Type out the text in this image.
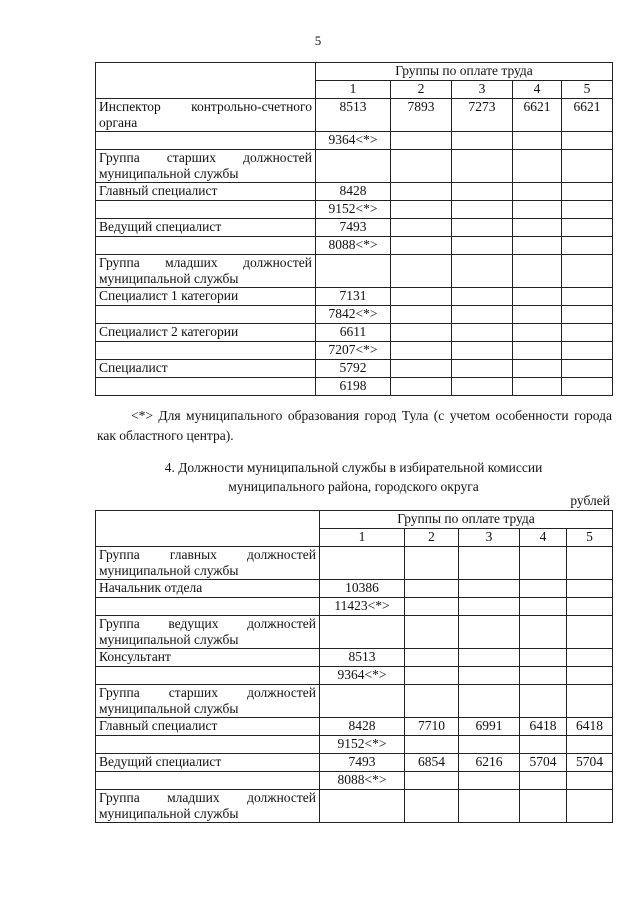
5
	Группы по оплате труда				
	1	2	3	4	5
Инспектор контрольно-счетного органа	8513	7893	7273	6621	6621
	9364<*>				
Группа старших должностей муниципальной службы					
Главный специалист	8428				
	9152<*>				
Ведущий специалист	7493				
	8088<*>				
Группа младших должностей муниципальной службы					
Специалист 1 категории	7131				
	7842<*>				
Специалист 2 категории	6611				
	7207<*>				
Специалист	5792				
	6198				
<*> Для муниципального образования город Тула (с учетом особенности города как областного центра).
4. Должности муниципальной службы в избирательной комиссии
муниципального района, городского округа
рублей
	Группы по оплате труда				
	1	2	3	4	5
Группа главных должностей муниципальной службы					
Начальник отдела	10386				
	11423<*>				
Группа ведущих должностей муниципальной службы					
Консультант	8513				
	9364<*>				
Группа старших должностей муниципальной службы					
Главный специалист	8428	7710	6991	6418	6418
	9152<*>				
Ведущий специалист	7493	6854	6216	5704	5704
	8088<*>				
Группа младших должностей муниципальной службы					
